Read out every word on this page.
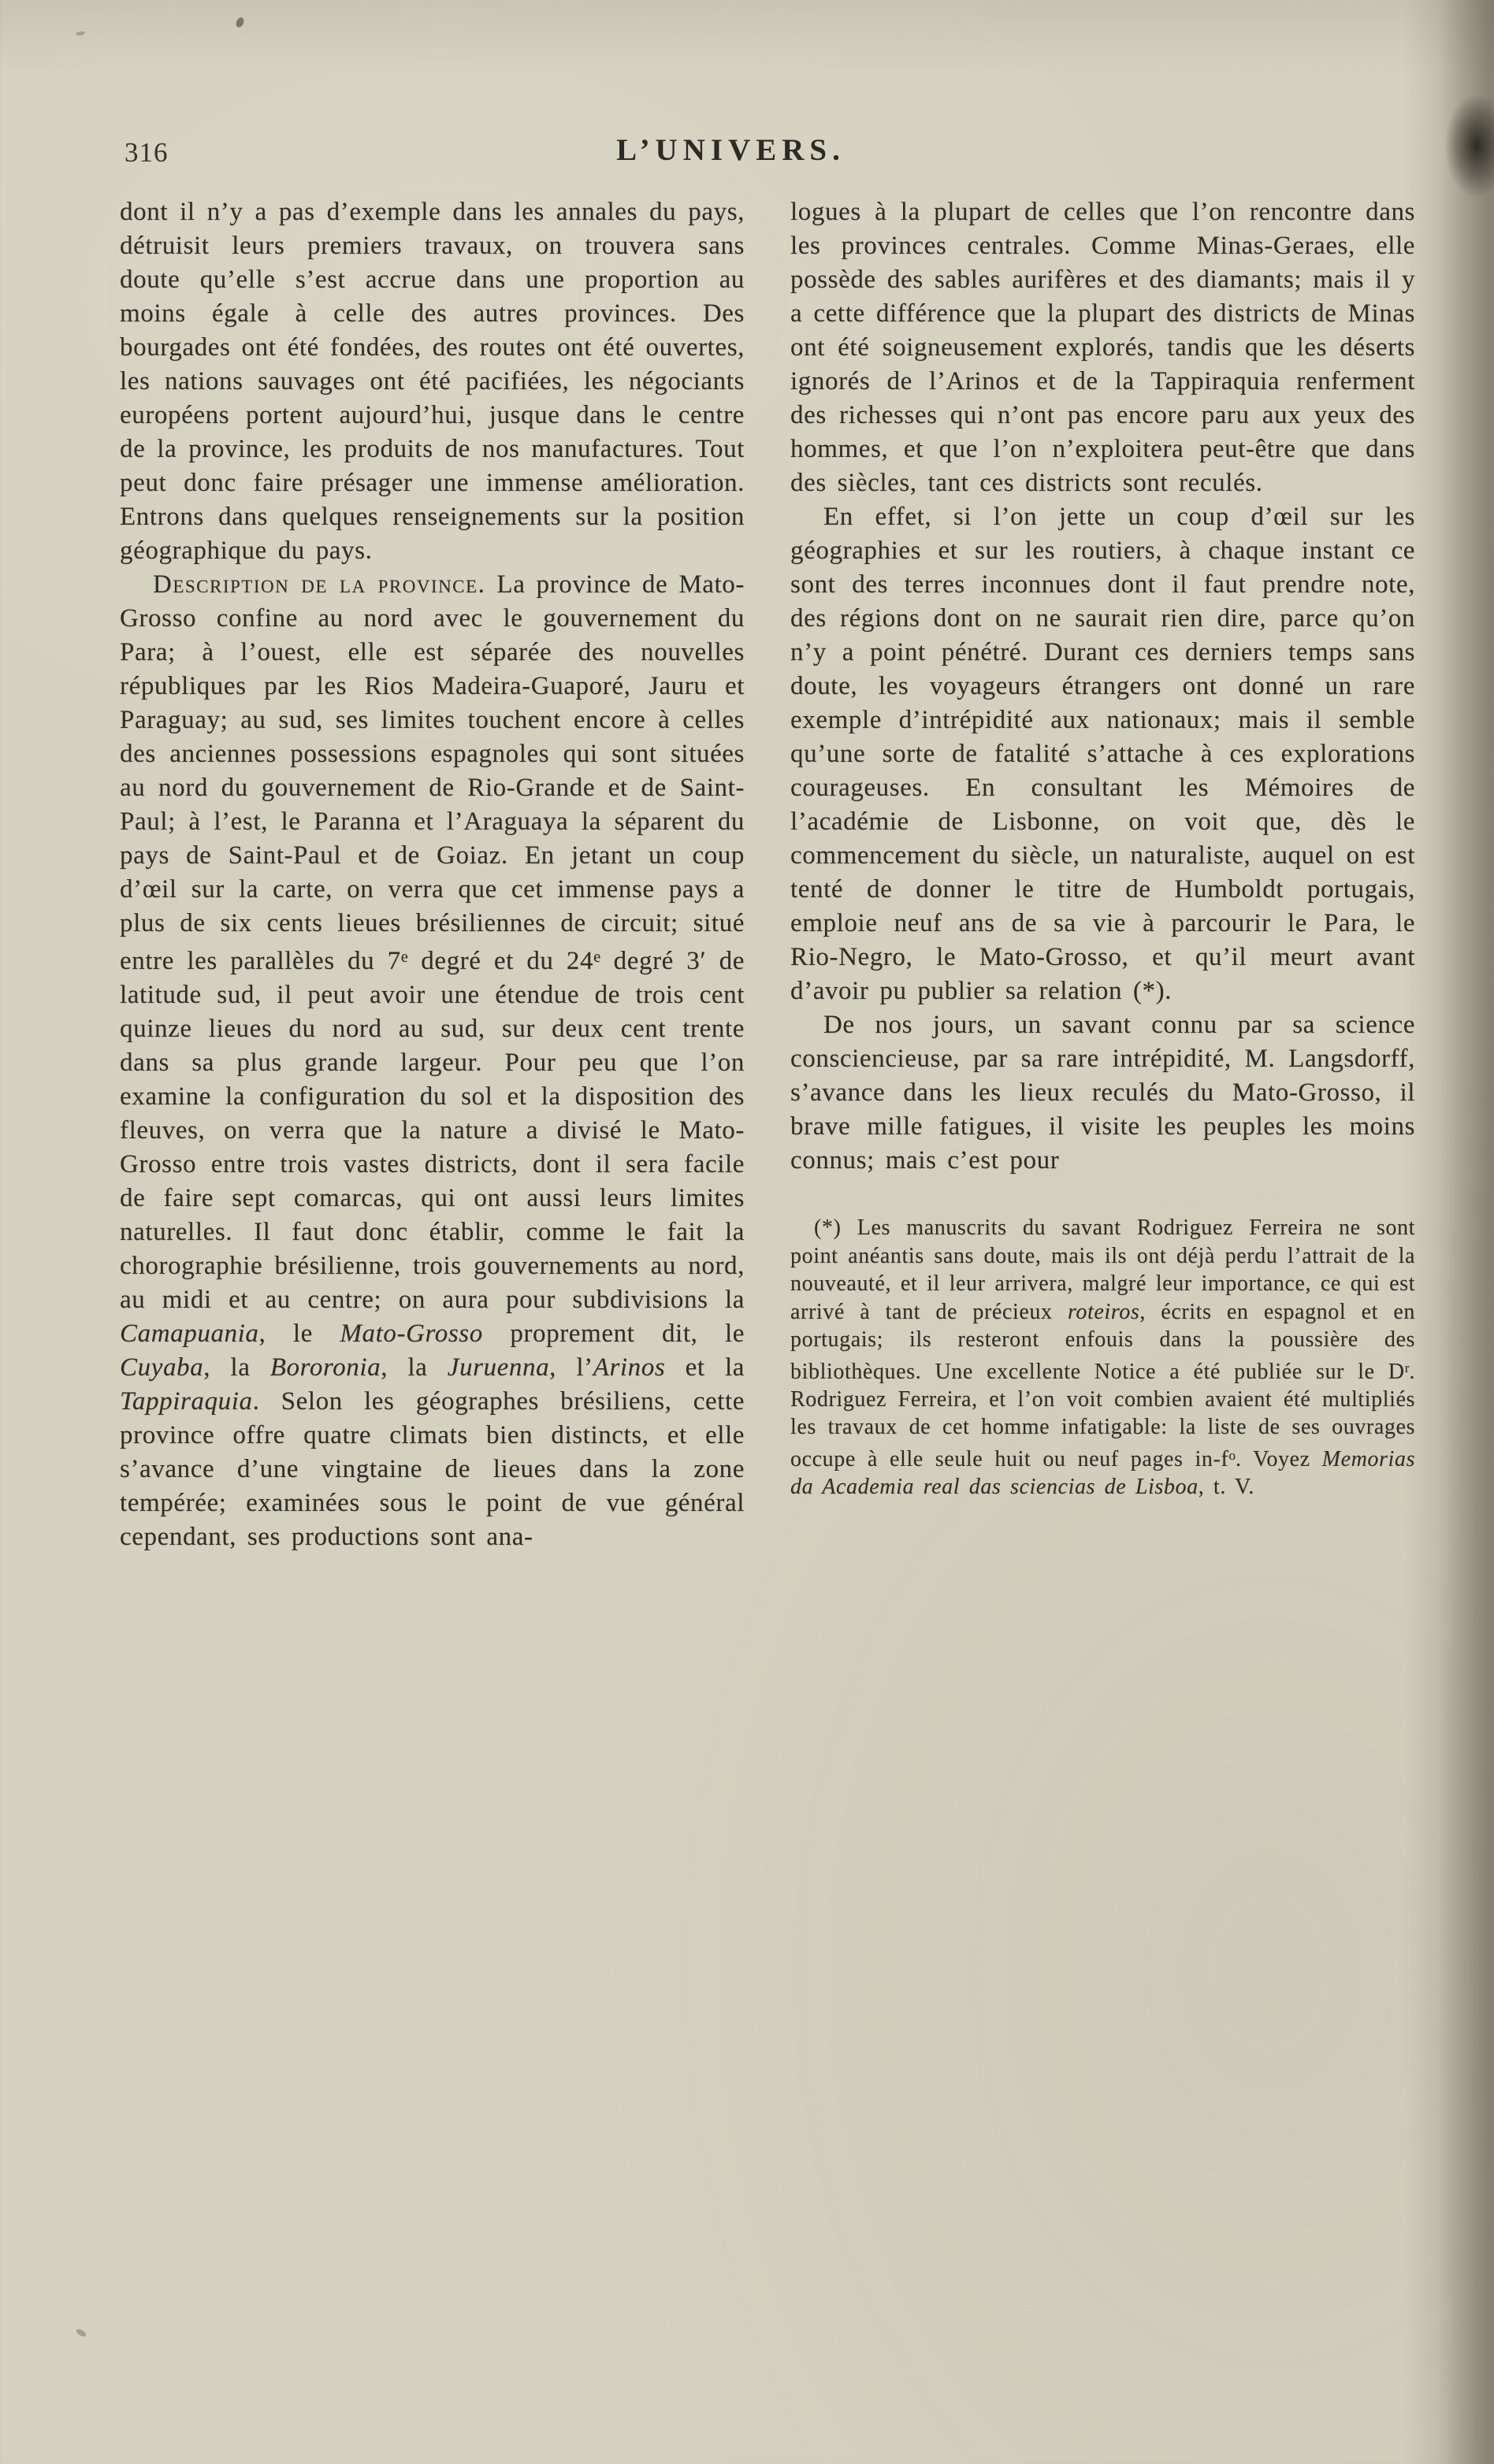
316	L’UNIVERS.

dont il n’y a pas d’exemple dans les annales du pays, détruisit leurs premiers travaux, on trouvera sans doute qu’elle s’est accrue dans une proportion au moins égale à celle des autres provinces. Des bourgades ont été fondées, des routes ont été ouvertes, les nations sauvages ont été pacifiées, les négociants européens portent aujourd’hui, jusque dans le centre de la province, les produits de nos manufactures. Tout peut donc faire présager une immense amélioration. Entrons dans quelques renseignements sur la position géographique du pays.

Description de la province. La province de Mato-Grosso confine au nord avec le gouvernement du Para; à l’ouest, elle est séparée des nouvelles républiques par les Rios Madeira-Guaporé, Jauru et Paraguay; au sud, ses limites touchent encore à celles des anciennes possessions espagnoles qui sont situées au nord du gouvernement de Rio-Grande et de Saint-Paul; à l’est, le Paranna et l’Araguaya la séparent du pays de Saint-Paul et de Goiaz. En jetant un coup d’œil sur la carte, on verra que cet immense pays a plus de six cents lieues brésiliennes de circuit; situé entre les parallèles du 7e degré et du 24e degré 3′ de latitude sud, il peut avoir une étendue de trois cent quinze lieues du nord au sud, sur deux cent trente dans sa plus grande largeur. Pour peu que l’on examine la configuration du sol et la disposition des fleuves, on verra que la nature a divisé le Mato-Grosso entre trois vastes districts, dont il sera facile de faire sept comarcas, qui ont aussi leurs limites naturelles. Il faut donc établir, comme le fait la chorographie brésilienne, trois gouvernements au nord, au midi et au centre; on aura pour subdivisions la Camapuania, le Mato-Grosso proprement dit, le Cuyaba, la Bororonia, la Juruenna, l’Arinos et la Tappiraquia. Selon les géographes brésiliens, cette province offre quatre climats bien distincts, et elle s’avance d’une vingtaine de lieues dans la zone tempérée; examinées sous le point de vue général cependant, ses productions sont ana-

logues à la plupart de celles que l’on rencontre dans les provinces centrales. Comme Minas-Geraes, elle possède des sables aurifères et des diamants; mais il y a cette différence que la plupart des districts de Minas ont été soigneusement explorés, tandis que les déserts ignorés de l’Arinos et de la Tappiraquia renferment des richesses qui n’ont pas encore paru aux yeux des hommes, et que l’on n’exploitera peut-être que dans des siècles, tant ces districts sont reculés.

En effet, si l’on jette un coup d’œil sur les géographies et sur les routiers, à chaque instant ce sont des terres inconnues dont il faut prendre note, des régions dont on ne saurait rien dire, parce qu’on n’y a point pénétré. Durant ces derniers temps sans doute, les voyageurs étrangers ont donné un rare exemple d’intrépidité aux nationaux; mais il semble qu’une sorte de fatalité s’attache à ces explorations courageuses. En consultant les Mémoires de l’académie de Lisbonne, on voit que, dès le commencement du siècle, un naturaliste, auquel on est tenté de donner le titre de Humboldt portugais, emploie neuf ans de sa vie à parcourir le Para, le Rio-Negro, le Mato-Grosso, et qu’il meurt avant d’avoir pu publier sa relation (*).

De nos jours, un savant connu par sa science consciencieuse, par sa rare intrépidité, M. Langsdorff, s’avance dans les lieux reculés du Mato-Grosso, il brave mille fatigues, il visite les peuples les moins connus; mais c’est pour

(*) Les manuscrits du savant Rodriguez Ferreira ne sont point anéantis sans doute, mais ils ont déjà perdu l’attrait de la nouveauté, et il leur arrivera, malgré leur importance, ce qui est arrivé à tant de précieux roteiros, écrits en espagnol et en portugais; ils resteront enfouis dans la poussière des bibliothèques. Une excellente Notice a été publiée sur le $D^r$. Rodriguez Ferreira, et l’on voit combien avaient été multipliés les travaux de cet homme infatigable: la liste de ses ouvrages occupe à elle seule huit ou neuf pages $in-f^o$. Voyez Memorias da Academia real das sciencias de Lisboa, t. V.
